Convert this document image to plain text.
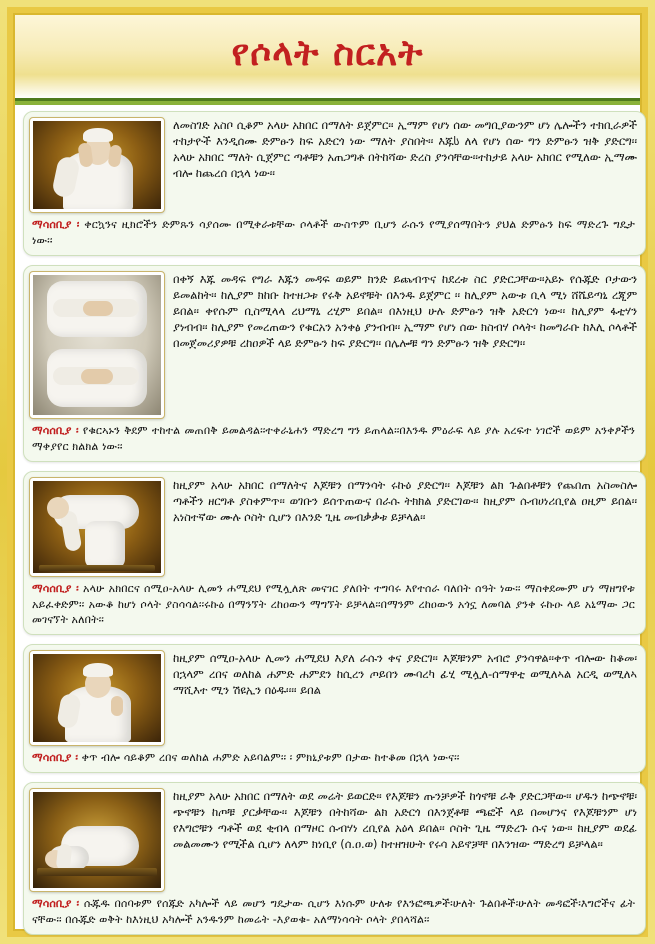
የሶላት ስርአት
ለመስገድ አስቦ ሲቆም አላሁ አክበር በማለት ይጀምር፡፡ ኢማም የሆነ ሰው መግቢያውንም ሆነ ሌሎችን ተክቢራዎች ተከታዮች እንዲሰሙ ድምፁን ከፍ አድርጎ ነው ማለት ያስበት፡፡ እጁს ለላ የሆነ ሰው ግን ድምፁን ዝቅ ያድርግ፡፡ አላሁ አክበር ማለት ሲጀምር ጣቶቹን አጠጋግቶ በትከሻው ድረስ ያንሳቸው፡፡ተከታይ አላሁ አክበር የሚለው ኢማሙ ብሎ ከጨረሰ በኋላ ነው፡፡
ማሳሰቢያ ፡ ቀርኳንና ዚክሮችን ድምጹን ሳያሰሙ በሚቀራቱቸው ሶላቶች ውስጥም ቢሆን ራሱን የሚያሰማበትን ያህል ድምፁን ከፍ ማድረጉ ግዴታ ነው፡፡
በቀኝ እጁ መዳፍ የግራ እጁን መዳፍ ወይም ክንድ ይጨብጥና ከደረቱ ስር ያድርጋቸው፡፡አይኑ የሱጁድ ቦታውን ይመልከት፡፡ ከሊያም ክከቡ ከተዘጋቱ የሩቅ አይኖቹት በእንዱ ይጀምር ፡፡ ከሊያም አውቱ ቢላ ሚነ ሸሼይጣኒ ረጂም ይበል፡፡ ቀየሱም ቢስሚላላ ረህማኒ ረሂም ይበል፡፡ በእነዚህ ሁሉ ድምፁን ዝቅ አድርጎ ነው፡፡ ከሊያም ፋቲሃን ያነብብ፡፡ ከሊያም የመረጠውን የቁርአን አንቀፅ ያንብብ፡፡ ኢማም የሆነ ሰው ክስብሃ ሶላት፡ ከመግራቡ ከእሊ ሶላቶች በመጀመሪያዎቹ ረከዐዎች ላይ ድምፁን ከፍ ያድርግ፡፡ በሌሎቹ ግን ድምፁን ዝቅ ያድርግ፡፡
ማሳሰቢያ ፡ የቁርኣኑን ቅደም ተከተል መጠበቅ ይመልዳል፡፡ተቀራኒሐን ማድረግ ግን ይጠላል፡፡በእንዱ ምዕራፍ ላይ ያሉ አረፍተ ነገሮች ወይም አንቀፆችን ማቀያየር ክልክል ነው፡፡
ከዚያም አላሁ አክበር በማለትና እጆቹን በማንሳት ሩኩዕ ያድርግ፡፡ እጆቹን ልክ ጉልበቶቹን የጨበጠ አስመስሎ ጣቶችን ዘርግቶ ያስቀምጥ፡፡ ወገቡን ይሰጥጠውና በራሱ ትክክል ያድርገው፡፡ ከዚያም ሱብሀነሪቢየል ዐዚም ይበል፡፡ አነስተኛው ሙሉ ሶስት ሲሆን በእንድ ጊዜ መብቃቃቱ ይቻላል፡፡
ማሳሰቢያ ፡ አላሁ አክበርና ሰሚዐ-አላሁ ሊመን ሐሚደህ የሚሏለጽ መናገር ያለበት ተግባሩ እየተሰራ ባለበት ሰዓት ነው፡፡ ማስቀደሙም ሆነ ማዘግየቱ አይፈቀድም፡፡ አውቆ ከሆነ ሶላት ያስሳሳል፡፡ሩኩዕ በማንኘት ረከዐውን ማግኘት ይቻላል፡፡በማንም ረከዐውን አጎኗ ለመባል ያንቀ ሩኩዑ ላይ አኒማው ጋር መገናኘት አለበት፡፡
ከዚያም ሰሚዐ-አላሁ ሊመን ሐሚደህ እያለ ራሱን ቀና ያድርገ፡፡ እጆቹንም አብሮ ያንሳዋል፡፡ቀጥ ብሎው ከቆመ፡ በኋላም ረበና ወለከል ሐምድ ሐምደን ከሲረን ጦይበን ሙባረካ ፊሂ ሚሏለ-ሰማዋቲ ወሚለኣል አርዲ ወሚለኣ ማሺእተ ሚን ሽዩኢን በዕዱ፡፡፡፡ ይበል
ማሳሰቢያ ፡ ቀጥ ብሎ ሳይቆም ረበና ወለከል ሐምድ አይባልም፡፡ ፡ ምክኒያቱም በታው ከተቆመ በኋላ ነውና፡፡
ከዚያም አላሁ አክበር በማለት ወደ መሬት ይወርድ፡፡ የእጆቹን ጡንቻዎች ከጎኖቹ ራቅ ያድርጋቸው፡፡ ሆዱን ከጭኖቹ፡ ጭኖቹን ከጦቹ ያርቃቸው፡፡ እጆቹን በትከሻው ልክ አድርጎ በእንጀቶቹ ጫፎች ላይ በመሆንና የእጆቹንም ሆነ የእግሮቹን ጣቶች ወደ ቂብላ በማዞር ሱብሃነ ረቢየል አዕላ ይበል፡፡ ሶስት ጊዜ ማድረጉ ሱና ነው፡፡ ከዚያም ወደፊ መልመሙን የሚችል ሲሆን ለላም ክነቢየ (ሰ.ዐ.ወ) ከተዘዝሁት የሩሳ አይኖቻቸ በእንዝው ማድረግ ይቻላል፡፡
ማሳሰቢያ ፡ ሱጁዱ በሰባቱም የሰጁድ አካሎች ላይ መሆን ግዴታው ሲሆን እነሱም ሁለቱ የእንፎጫዎች፡ሁለት ጉልበቶች፡ሁለት መዳፎች፡እግሮችና ፊት ናቸው፡፡ በሱጁድ ወቅት ከእነዚህ አካሎች አንዱንም ከመሬት -እያወቁ- አለማነሳሳት ሶላት ያበላሻል፡፡
